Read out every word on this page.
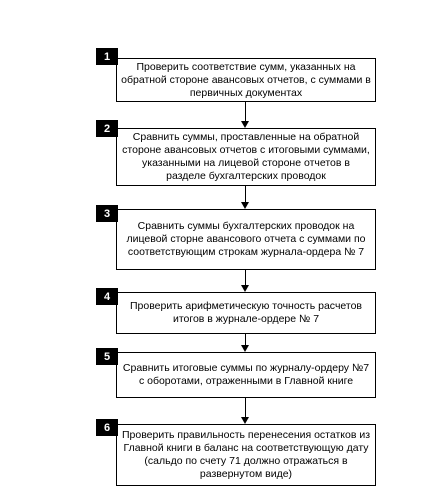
Проверить соответствие сумм, указанных на обратной стороне авансовых отчетов, с суммами в первичных документах
1
Сравнить суммы, проставленные на обратной стороне авансовых отчетов с итоговыми суммами, указанными на лицевой стороне отчетов в разделе бухгалтерских проводок
2
Сравнить суммы бухгалтерских проводок на лицевой сторне авансового отчета с суммами по соответствующим строкам журнала-ордера № 7
3
Проверить арифметическую точность расчетов итогов в журнале-ордере № 7
4
Сравнить итоговые суммы по журналу-ордеру №7 с оборотами, отраженными в Главной книге
5
Проверить правильность перенесения остатков из Главной книги в баланс на соответствующую дату (сальдо по счету 71 должно отражаться в развернутом виде)
6
